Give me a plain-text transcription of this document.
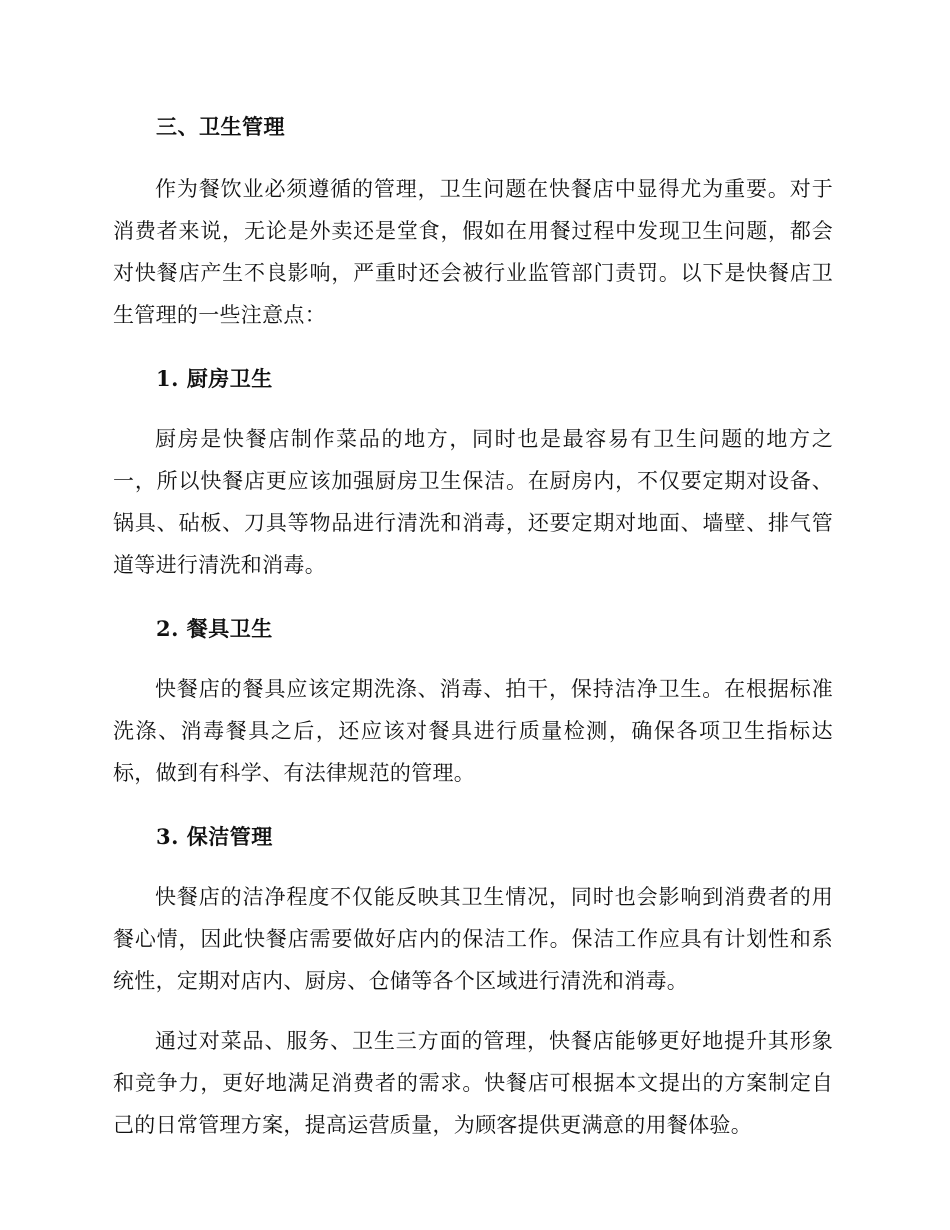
三、卫生管理

作为餐饮业必须遵循的管理，卫生问题在快餐店中显得尤为重要。对于消费者来说，无论是外卖还是堂食，假如在用餐过程中发现卫生问题，都会对快餐店产生不良影响，严重时还会被行业监管部门责罚。以下是快餐店卫生管理的一些注意点：

1. 厨房卫生

厨房是快餐店制作菜品的地方，同时也是最容易有卫生问题的地方之一，所以快餐店更应该加强厨房卫生保洁。在厨房内，不仅要定期对设备、锅具、砧板、刀具等物品进行清洗和消毒，还要定期对地面、墙壁、排气管道等进行清洗和消毒。

2. 餐具卫生

快餐店的餐具应该定期洗涤、消毒、拍干，保持洁净卫生。在根据标准洗涤、消毒餐具之后，还应该对餐具进行质量检测，确保各项卫生指标达标，做到有科学、有法律规范的管理。

3. 保洁管理

快餐店的洁净程度不仅能反映其卫生情况，同时也会影响到消费者的用餐心情，因此快餐店需要做好店内的保洁工作。保洁工作应具有计划性和系统性，定期对店内、厨房、仓储等各个区域进行清洗和消毒。

通过对菜品、服务、卫生三方面的管理，快餐店能够更好地提升其形象和竞争力，更好地满足消费者的需求。快餐店可根据本文提出的方案制定自己的日常管理方案，提高运营质量，为顾客提供更满意的用餐体验。
